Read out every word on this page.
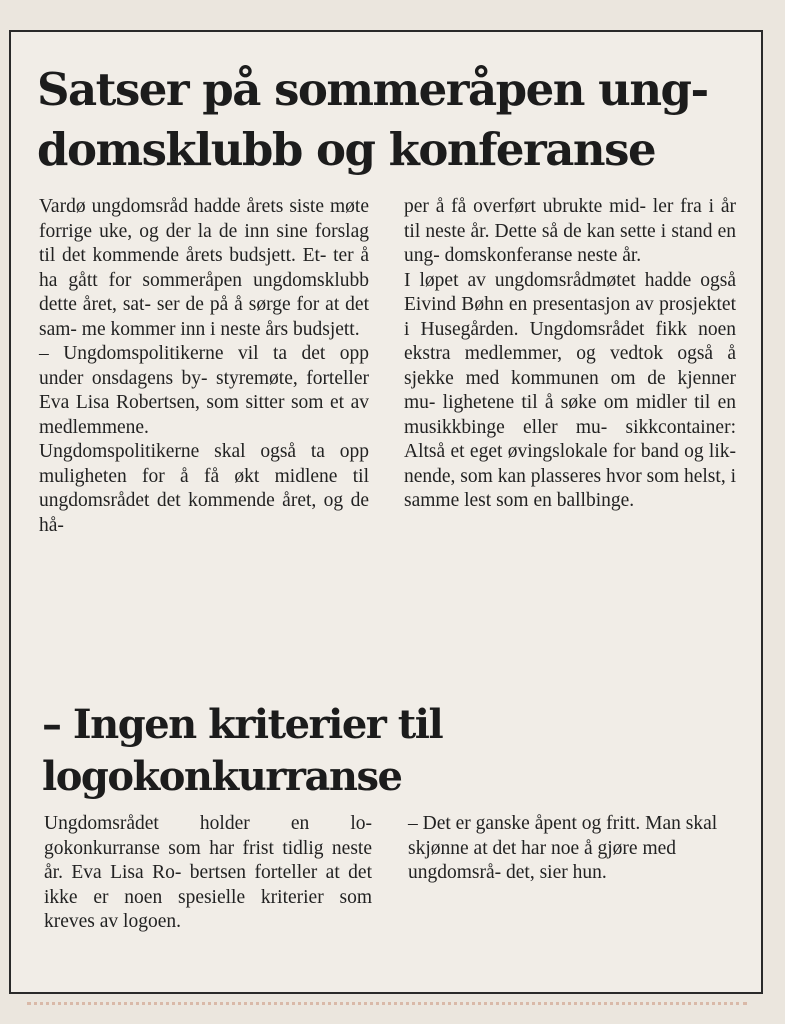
Satser på sommeråpen ung-
domsklubb og konferanse

Vardø ungdomsråd hadde årets siste møte forrige uke, og der la de inn sine forslag til det kommende årets budsjett. Et- ter å ha gått for sommeråpen ungdomsklubb dette året, sat- ser de på å sørge for at det sam- me kommer inn i neste års budsjett.

– Ungdomspolitikerne vil ta det opp under onsdagens by- styremøte, forteller Eva Lisa Robertsen, som sitter som et av medlemmene.

Ungdomspolitikerne skal også ta opp muligheten for å få økt midlene til ungdomsrådet det kommende året, og de hå-

per å få overført ubrukte mid- ler fra i år til neste år. Dette så de kan sette i stand en ung- domskonferanse neste år.

I løpet av ungdomsrådmøtet hadde også Eivind Bøhn en presentasjon av prosjektet i Husegården. Ungdomsrådet fikk noen ekstra medlemmer, og vedtok også å sjekke med kommunen om de kjenner mu- lighetene til å søke om midler til en musikkbinge eller mu- sikkcontainer: Altså et eget øvingslokale for band og lik- nende, som kan plasseres hvor som helst, i samme lest som en ballbinge.

– Ingen kriterier til
logokonkurranse

Ungdomsrådet holder en lo- gokonkurranse som har frist tidlig neste år. Eva Lisa Ro- bertsen forteller at det ikke er noen spesielle kriterier som kreves av logoen.

– Det er ganske åpent og fritt. Man skal skjønne at det har noe å gjøre med ungdomsrå- det, sier hun.
